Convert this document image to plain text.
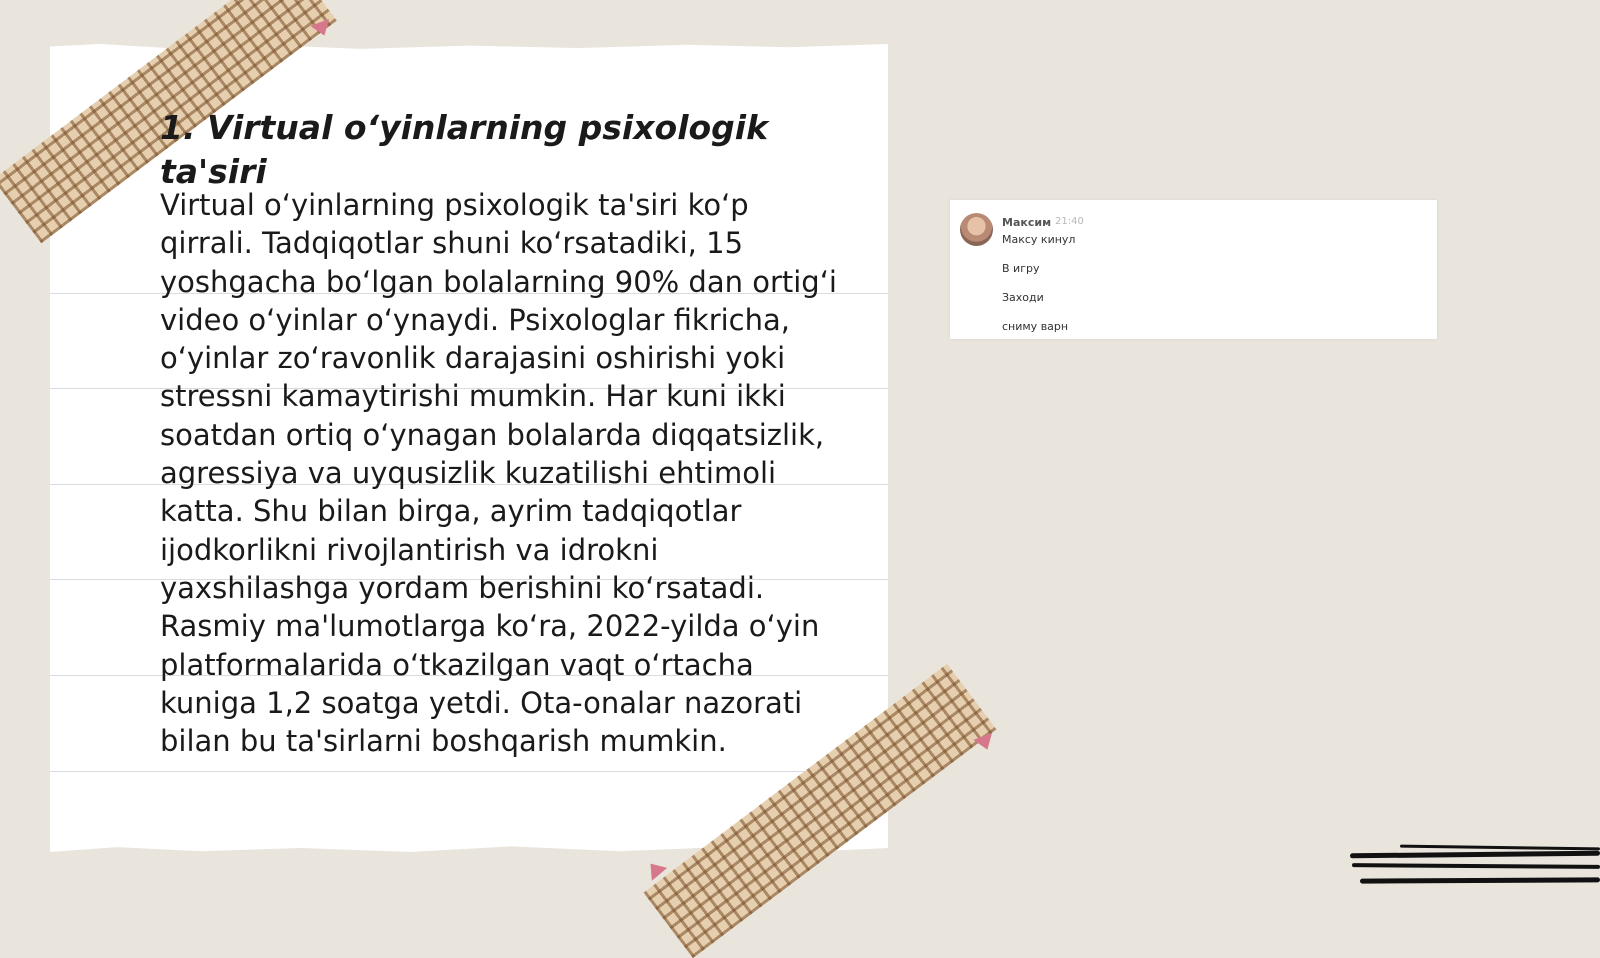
1. Virtual o‘yinlarning psixologik ta'siri

Virtual o‘yinlarning psixologik ta'siri ko‘p qirrali. Tadqiqotlar shuni ko‘rsatadiki, 15 yoshgacha bo‘lgan bolalarning 90% dan ortig‘i video o‘yinlar o‘ynaydi. Psixologlar fikricha, o‘yinlar zo‘ravonlik darajasini oshirishi yoki stressni kamaytirishi mumkin. Har kuni ikki soatdan ortiq o‘ynagan bolalarda diqqatsizlik, agressiya va uyqusizlik kuzatilishi ehtimoli katta. Shu bilan birga, ayrim tadqiqotlar ijodkorlikni rivojlantirish va idrokni yaxshilashga yordam berishini ko‘rsatadi. Rasmiy ma'lumotlarga ko‘ra, 2022-yilda o‘yin platformalarida o‘tkazilgan vaqt o‘rtacha kuniga 1,2 soatga yetdi. Ota-onalar nazorati bilan bu ta'sirlarni boshqarish mumkin.

Максим 21:40
Максу кинул
В игру
Заходи
сниму варн
